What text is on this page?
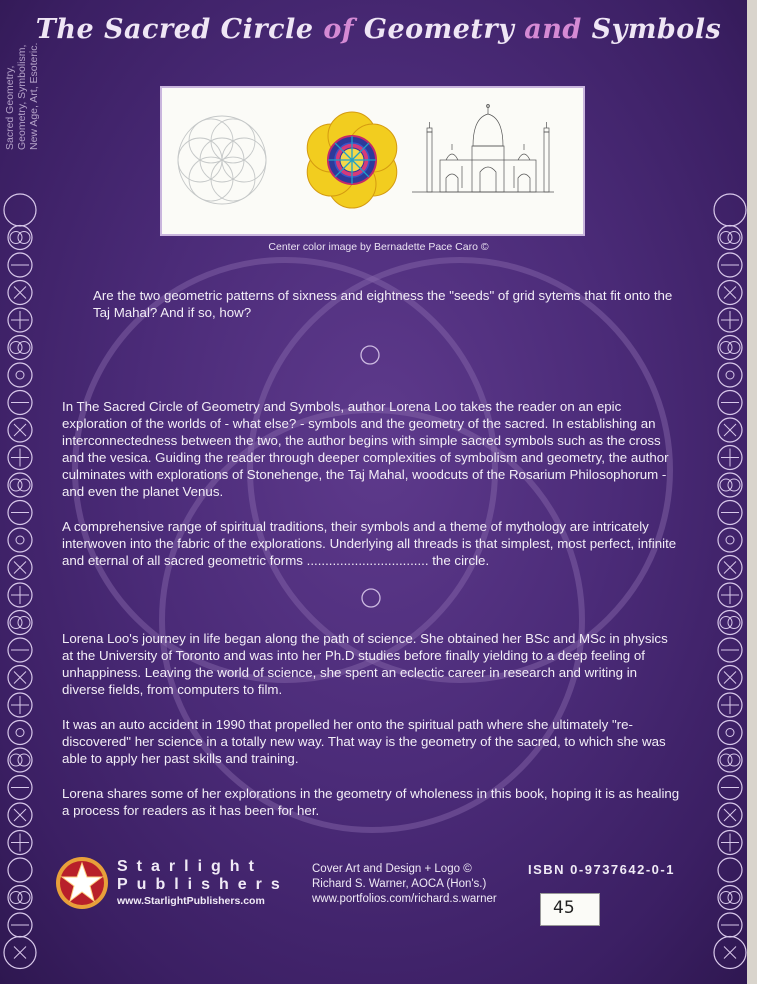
The Sacred Circle of Geometry and Symbols
Sacred Geometry, Geometry, Symbolism, New Age, Art, Esoteric.
Center color image by Bernadette Pace Caro ©

Are the two geometric patterns of sixness and eightness the "seeds" of grid sytems that fit onto the Taj Mahal? And if so, how?

In The Sacred Circle of Geometry and Symbols, author Lorena Loo takes the reader on an epic exploration of the worlds of - what else? - symbols and the geometry of the sacred. In establishing an interconnectedness between the two, the author begins with simple sacred symbols such as the cross and the vesica. Guiding the reader through deeper complexities of symbolism and geometry, the author culminates with explorations of Stonehenge, the Taj Mahal, woodcuts of the Rosarium Philosophorum - and even the planet Venus.

A comprehensive range of spiritual traditions, their symbols and a theme of mythology are intricately interwoven into the fabric of the explorations. Underlying all threads is that simplest, most perfect, infinite and eternal of all sacred geometric forms ................................. the circle.

Lorena Loo's journey in life began along the path of science. She obtained her BSc and MSc in physics at the University of Toronto and was into her Ph.D studies before finally yielding to a deep feeling of unhappiness. Leaving the world of science, she spent an eclectic career in research and writing in diverse fields, from computers to film.

It was an auto accident in 1990 that propelled her onto the spiritual path where she ultimately "re-discovered" her science in a totally new way. That way is the geometry of the sacred, to which she was able to apply her past skills and training.

Lorena shares some of her explorations in the geometry of wholeness in this book, hoping it is as healing a process for readers as it has been for her.

Starlight
Publishers
www.StarlightPublishers.com
Cover Art and Design + Logo ©
Richard S. Warner, AOCA (Hon's.)
www.portfolios.com/richard.s.warner
ISBN 0-9737642-0-1
45
